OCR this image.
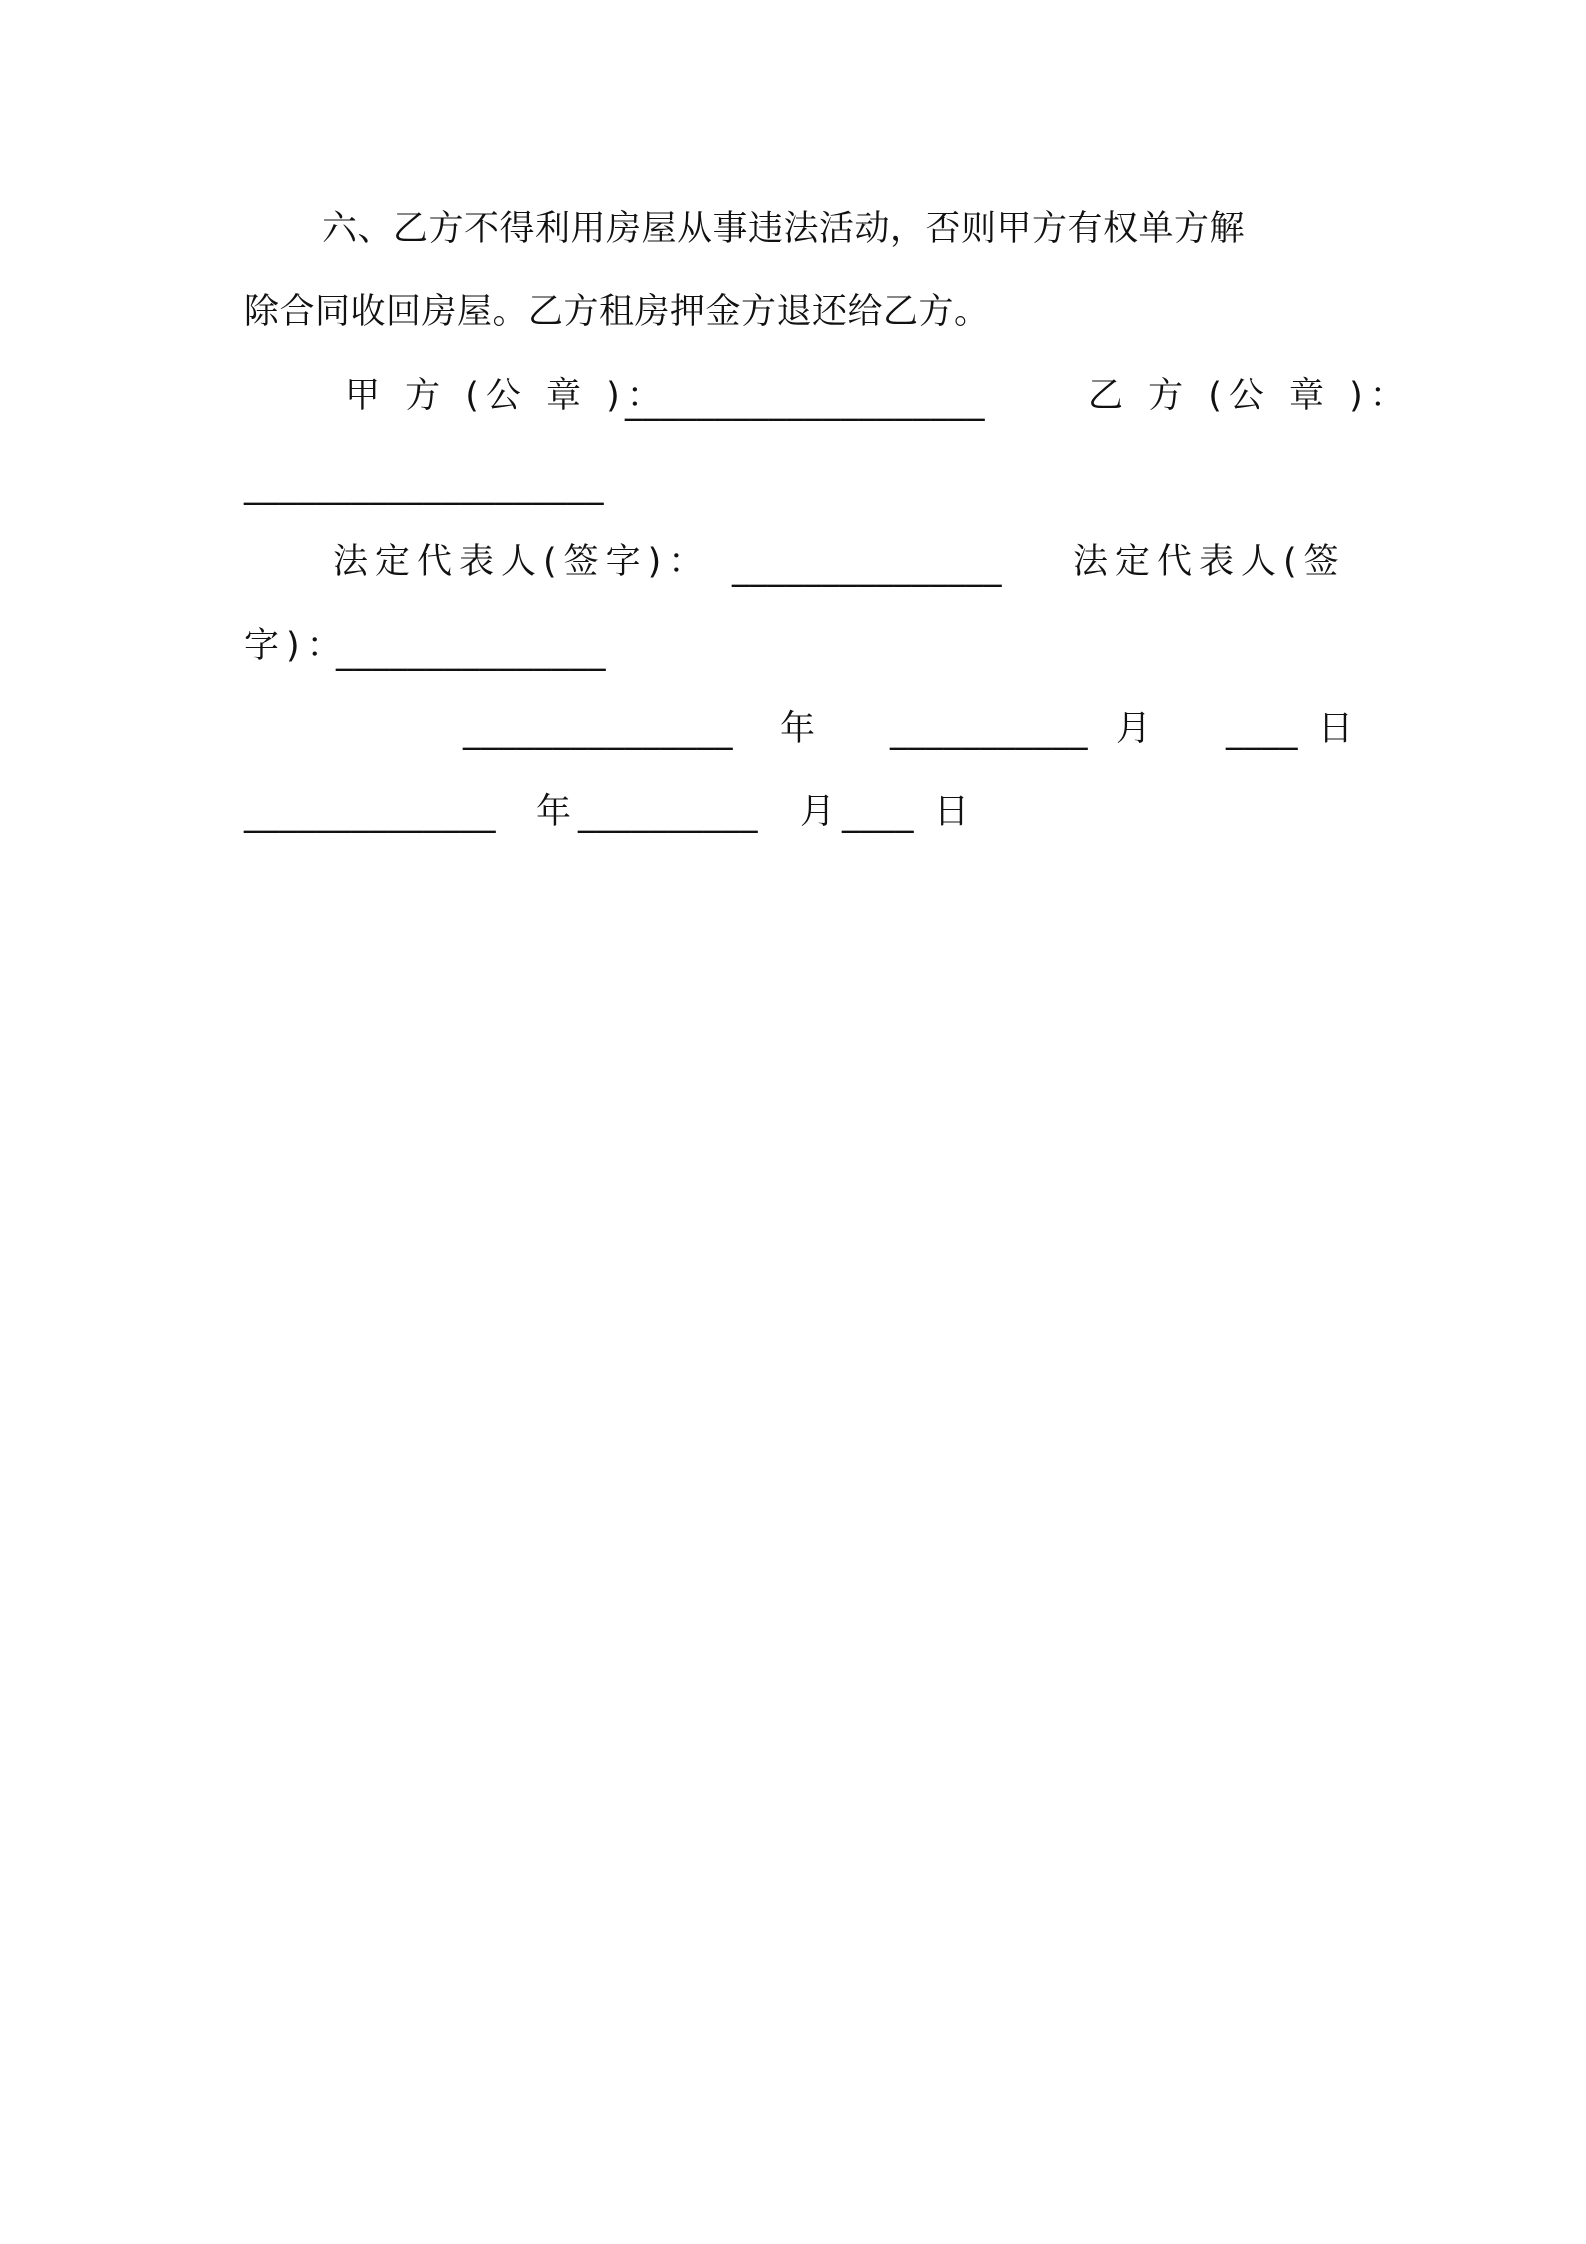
六、乙方不得利用房屋从事违法活动，否则甲方有权单方解
除合同收回房屋。乙方租房押金方退还给乙方。
甲 方 (公 章 )：
____________________	乙 方 (公 章 )：
____________________
法定代表人(签字)： _______________ 法定代表人(签
字)：
_______________
_______________ 年 ___________ 月 ____ 日
______________ 年 __________ 月 ____ 日
